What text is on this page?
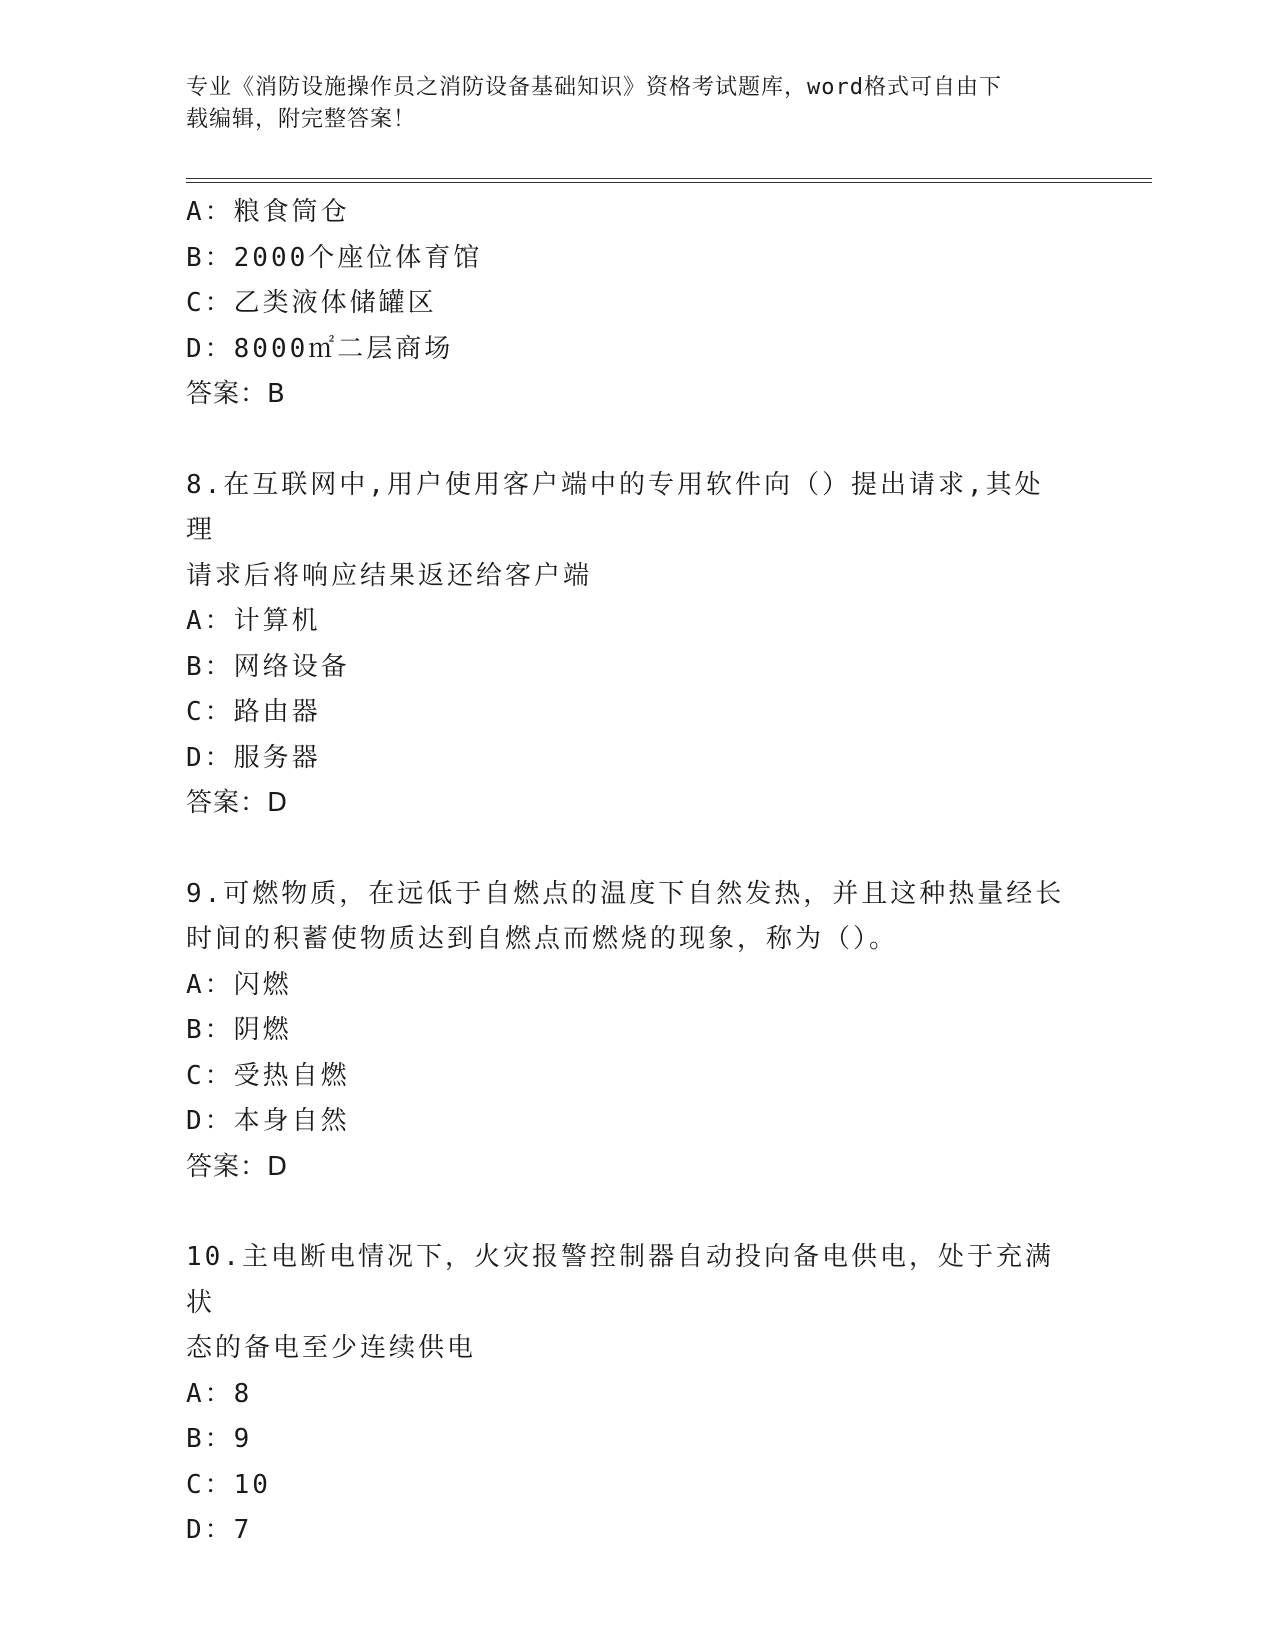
专业《消防设施操作员之消防设备基础知识》资格考试题库，word格式可自由下
载编辑，附完整答案！
A：粮食筒仓
B：2000个座位体育馆
C：乙类液体储罐区
D：8000㎡二层商场
答案：B
8.在互联网中,用户使用客户端中的专用软件向（）提出请求,其处理
请求后将响应结果返还给客户端
A：计算机
B：网络设备
C：路由器
D：服务器
答案：D
9.可燃物质，在远低于自燃点的温度下自然发热，并且这种热量经长
时间的积蓄使物质达到自燃点而燃烧的现象，称为（）。
A：闪燃
B：阴燃
C：受热自燃
D：本身自然
答案：D
10.主电断电情况下，火灾报警控制器自动投向备电供电，处于充满状
态的备电至少连续供电
A：8
B：9
C：10
D：7
